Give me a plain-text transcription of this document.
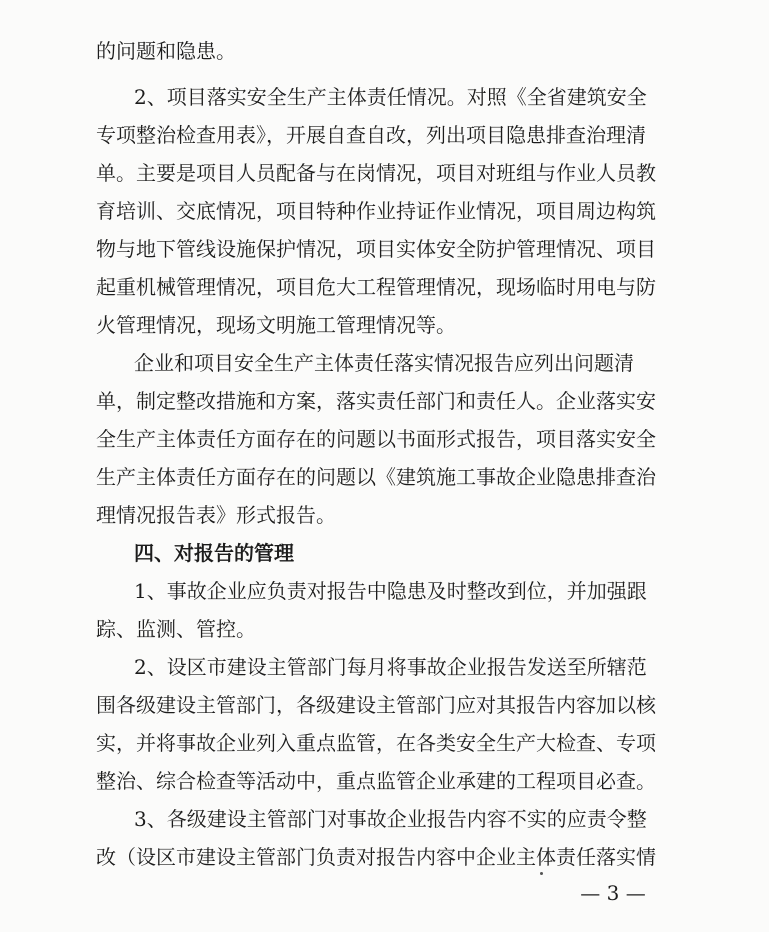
的问题和隐患。
2、项目落实安全生产主体责任情况。对照《全省建筑安全
专项整治检查用表》，开展自查自改，列出项目隐患排查治理清
单。主要是项目人员配备与在岗情况，项目对班组与作业人员教
育培训、交底情况，项目特种作业持证作业情况，项目周边构筑
物与地下管线设施保护情况，项目实体安全防护管理情况、项目
起重机械管理情况，项目危大工程管理情况，现场临时用电与防
火管理情况，现场文明施工管理情况等。
企业和项目安全生产主体责任落实情况报告应列出问题清
单，制定整改措施和方案，落实责任部门和责任人。企业落实安
全生产主体责任方面存在的问题以书面形式报告，项目落实安全
生产主体责任方面存在的问题以《建筑施工事故企业隐患排查治
理情况报告表》形式报告。
四、对报告的管理
1、事故企业应负责对报告中隐患及时整改到位，并加强跟
踪、监测、管控。
2、设区市建设主管部门每月将事故企业报告发送至所辖范
围各级建设主管部门，各级建设主管部门应对其报告内容加以核
实，并将事故企业列入重点监管，在各类安全生产大检查、专项
整治、综合检查等活动中，重点监管企业承建的工程项目必查。
3、各级建设主管部门对事故企业报告内容不实的应责令整
改（设区市建设主管部门负责对报告内容中企业主体责任落实情
— 3 —
